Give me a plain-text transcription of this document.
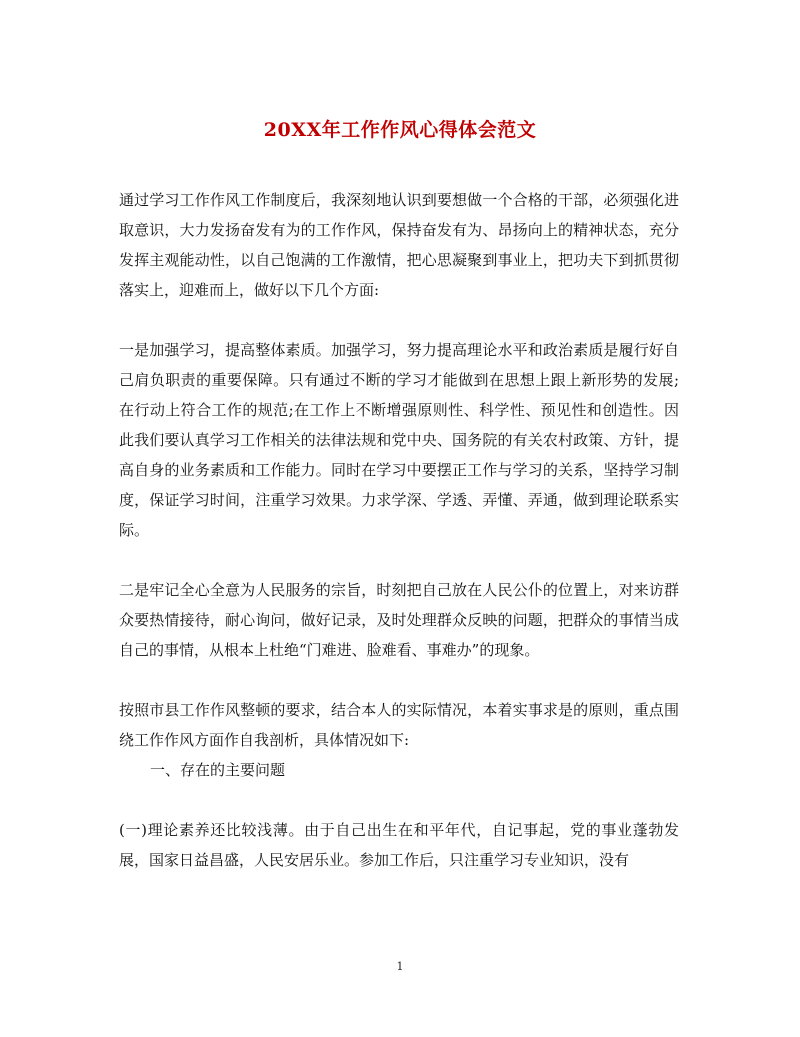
20XX年工作作风心得体会范文

通过学习工作作风工作制度后，我深刻地认识到要想做一个合格的干部，必须强化进取意识，大力发扬奋发有为的工作作风，保持奋发有为、昂扬向上的精神状态，充分发挥主观能动性，以自己饱满的工作激情，把心思凝聚到事业上，把功夫下到抓贯彻落实上，迎难而上，做好以下几个方面:

一是加强学习，提高整体素质。加强学习，努力提高理论水平和政治素质是履行好自己肩负职责的重要保障。只有通过不断的学习才能做到在思想上跟上新形势的发展;在行动上符合工作的规范;在工作上不断增强原则性、科学性、预见性和创造性。因此我们要认真学习工作相关的法律法规和党中央、国务院的有关农村政策、方针，提高自身的业务素质和工作能力。同时在学习中要摆正工作与学习的关系，坚持学习制度，保证学习时间，注重学习效果。力求学深、学透、弄懂、弄通，做到理论联系实际。

二是牢记全心全意为人民服务的宗旨，时刻把自己放在人民公仆的位置上，对来访群众要热情接待，耐心询问，做好记录，及时处理群众反映的问题，把群众的事情当成自己的事情，从根本上杜绝“门难进、脸难看、事难办”的现象。

按照市县工作作风整顿的要求，结合本人的实际情况，本着实事求是的原则，重点围绕工作作风方面作自我剖析，具体情况如下:

一、存在的主要问题

(一)理论素养还比较浅薄。由于自己出生在和平年代，自记事起，党的事业蓬勃发展，国家日益昌盛，人民安居乐业。参加工作后，只注重学习专业知识，没有

1
